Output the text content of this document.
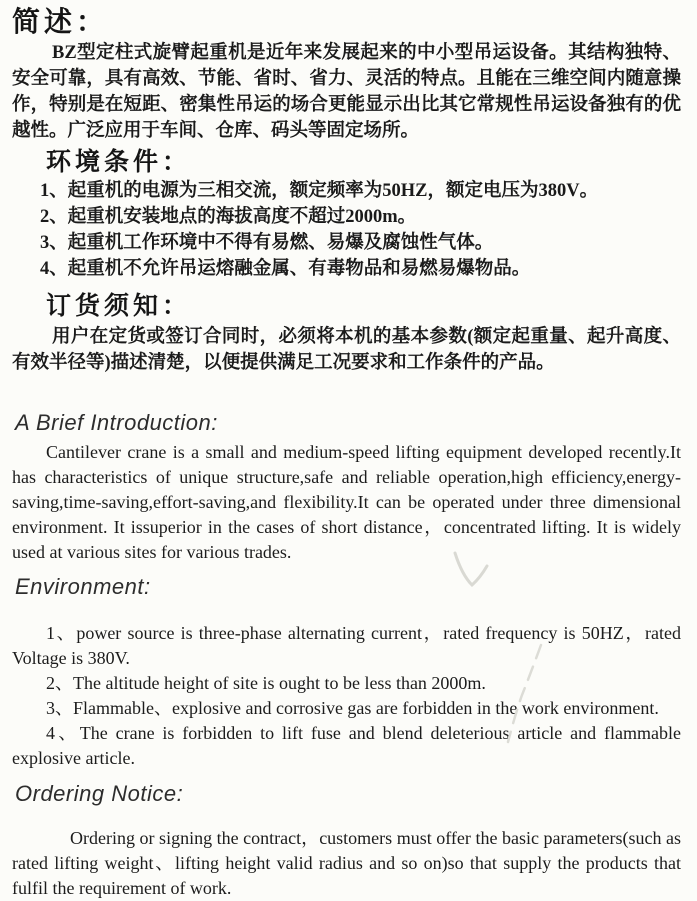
简述：

BZ型定柱式旋臂起重机是近年来发展起来的中小型吊运设备。其结构独特、安全可靠，具有高效、节能、省时、省力、灵活的特点。且能在三维空间内随意操作，特别是在短距、密集性吊运的场合更能显示出比其它常规性吊运设备独有的优越性。广泛应用于车间、仓库、码头等固定场所。

环境条件：
1、起重机的电源为三相交流，额定频率为50HZ，额定电压为380V。
2、起重机安装地点的海拔高度不超过2000m。
3、起重机工作环境中不得有易燃、易爆及腐蚀性气体。
4、起重机不允许吊运熔融金属、有毒物品和易燃易爆物品。
订货须知：

用户在定货或签订合同时，必须将本机的基本参数(额定起重量、起升高度、有效半径等)描述清楚，以便提供满足工况要求和工作条件的产品。

A Brief Introduction:

Cantilever crane is a small and medium-speed lifting equipment developed recently.It has characteristics of unique structure,safe and reliable operation,high efficiency,energy-saving,time-saving,effort-saving,and flexibility.It can be operated under three dimensional environment. It issuperior in the cases of short distance，concentrated lifting. It is widely used at various sites for various trades.

Environment:

1、power source is three-phase alternating current，rated frequency is 50HZ，rated Voltage is 380V.

2、The altitude height of site is ought to be less than 2000m.

3、Flammable、explosive and corrosive gas are forbidden in the work environment.

4、The crane is forbidden to lift fuse and blend deleterious article and flammable explosive article.

Ordering Notice:

Ordering or signing the contract，customers must offer the basic parameters(such as rated lifting weight、lifting height valid radius and so on)so that supply the products that fulfil the requirement of work.
